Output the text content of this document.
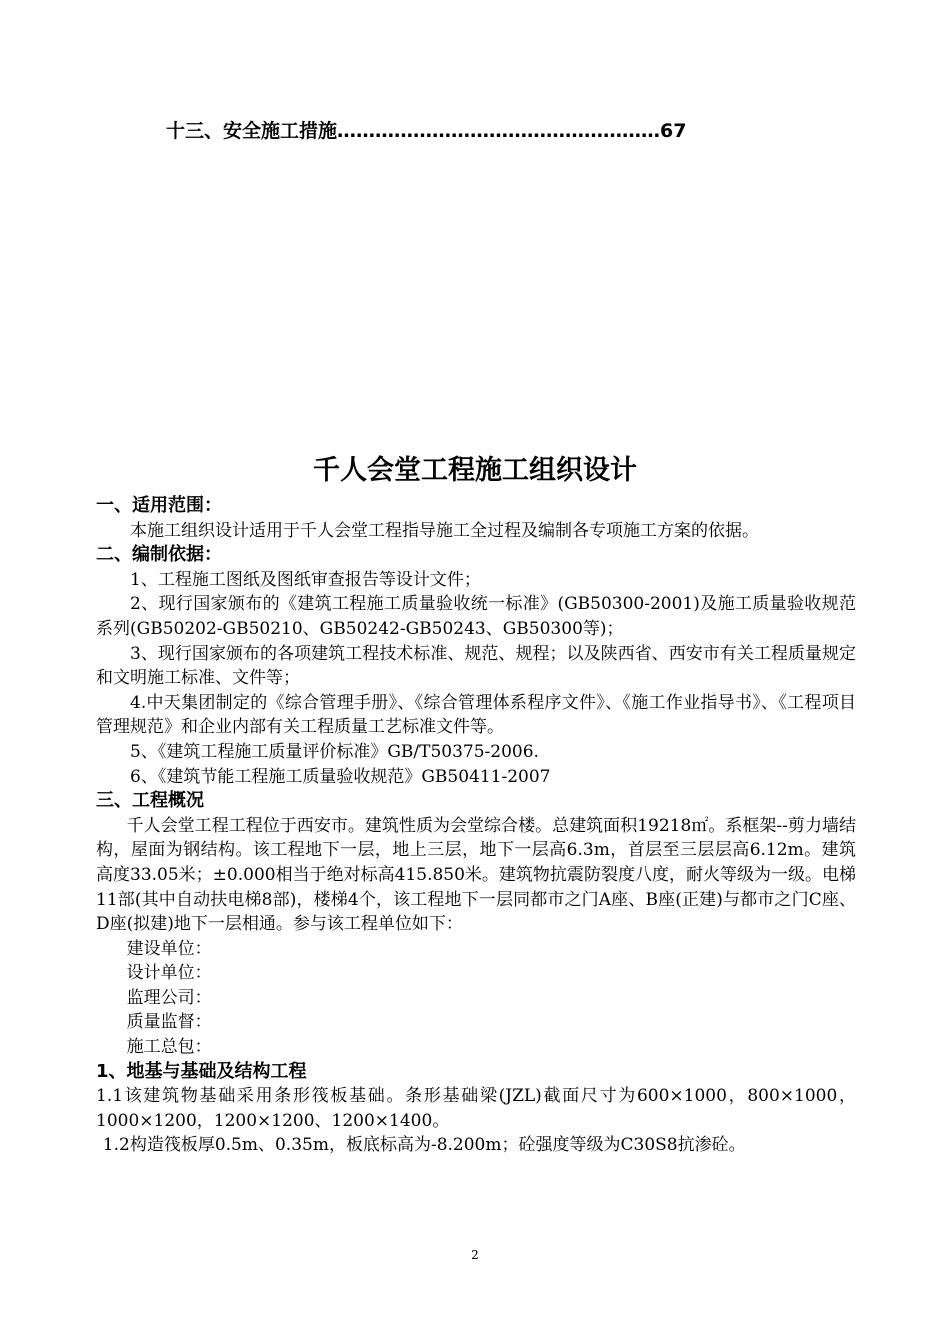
十三、安全施工措施……………………………………………67
千人会堂工程施工组织设计

一、适用范围：

本施工组织设计适用于千人会堂工程指导施工全过程及编制各专项施工方案的依据。

二、编制依据：

1、工程施工图纸及图纸审查报告等设计文件；

2、现行国家颁布的《建筑工程施工质量验收统一标准》(GB50300-2001)及施工质量验收规范系列(GB50202-GB50210、GB50242-GB50243、GB50300等)；

3、现行国家颁布的各项建筑工程技术标准、规范、规程；以及陕西省、西安市有关工程质量规定和文明施工标准、文件等；

4.中天集团制定的《综合管理手册》、《综合管理体系程序文件》、《施工作业指导书》、《工程项目管理规范》和企业内部有关工程质量工艺标准文件等。

5、《建筑工程施工质量评价标准》GB/T50375-2006.

6、《建筑节能工程施工质量验收规范》GB50411-2007

三、工程概况

千人会堂工程工程位于西安市。建筑性质为会堂综合楼。总建筑面积19218㎡。系框架--剪力墙结构，屋面为钢结构。该工程地下一层，地上三层，地下一层高6.3m，首层至三层层高6.12m。建筑高度33.05米；±0.000相当于绝对标高415.850米。建筑物抗震防裂度八度，耐火等级为一级。电梯11部(其中自动扶电梯8部)，楼梯4个，该工程地下一层同都市之门A座、B座(正建)与都市之门C座、D座(拟建)地下一层相通。参与该工程单位如下：

建设单位：

设计单位：

监理公司：

质量监督：

施工总包：

1、地基与基础及结构工程

1.1该建筑物基础采用条形筏板基础。条形基础梁(JZL)截面尺寸为600×1000，800×1000，1000×1200，1200×1200、1200×1400。

1.2构造筏板厚0.5m、0.35m，板底标高为-8.200m；砼强度等级为C30S8抗渗砼。

2
